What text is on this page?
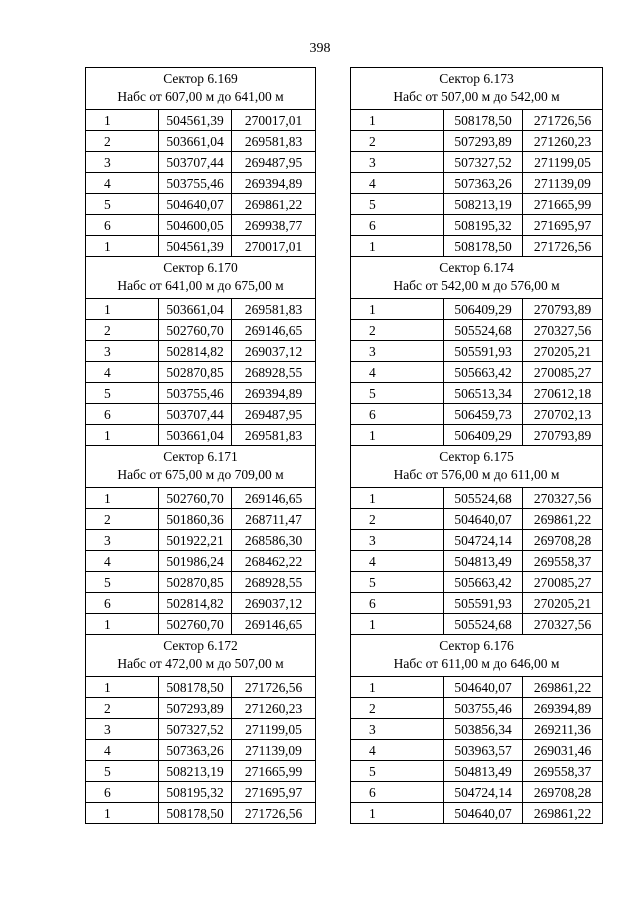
398
Сектор 6.169
Набс от 607,00 м до 641,00 м
1	504561,39	270017,01
2	503661,04	269581,83
3	503707,44	269487,95
4	503755,46	269394,89
5	504640,07	269861,22
6	504600,05	269938,77
1	504561,39	270017,01
Сектор 6.170
Набс от 641,00 м до 675,00 м
1	503661,04	269581,83
2	502760,70	269146,65
3	502814,82	269037,12
4	502870,85	268928,55
5	503755,46	269394,89
6	503707,44	269487,95
1	503661,04	269581,83
Сектор 6.171
Набс от 675,00 м до 709,00 м
1	502760,70	269146,65
2	501860,36	268711,47
3	501922,21	268586,30
4	501986,24	268462,22
5	502870,85	268928,55
6	502814,82	269037,12
1	502760,70	269146,65
Сектор 6.172
Набс от 472,00 м до 507,00 м
1	508178,50	271726,56
2	507293,89	271260,23
3	507327,52	271199,05
4	507363,26	271139,09
5	508213,19	271665,99
6	508195,32	271695,97
1	508178,50	271726,56
Сектор 6.173
Набс от 507,00 м до 542,00 м
1	508178,50	271726,56
2	507293,89	271260,23
3	507327,52	271199,05
4	507363,26	271139,09
5	508213,19	271665,99
6	508195,32	271695,97
1	508178,50	271726,56
Сектор 6.174
Набс от 542,00 м до 576,00 м
1	506409,29	270793,89
2	505524,68	270327,56
3	505591,93	270205,21
4	505663,42	270085,27
5	506513,34	270612,18
6	506459,73	270702,13
1	506409,29	270793,89
Сектор 6.175
Набс от 576,00 м до 611,00 м
1	505524,68	270327,56
2	504640,07	269861,22
3	504724,14	269708,28
4	504813,49	269558,37
5	505663,42	270085,27
6	505591,93	270205,21
1	505524,68	270327,56
Сектор 6.176
Набс от 611,00 м до 646,00 м
1	504640,07	269861,22
2	503755,46	269394,89
3	503856,34	269211,36
4	503963,57	269031,46
5	504813,49	269558,37
6	504724,14	269708,28
1	504640,07	269861,22
